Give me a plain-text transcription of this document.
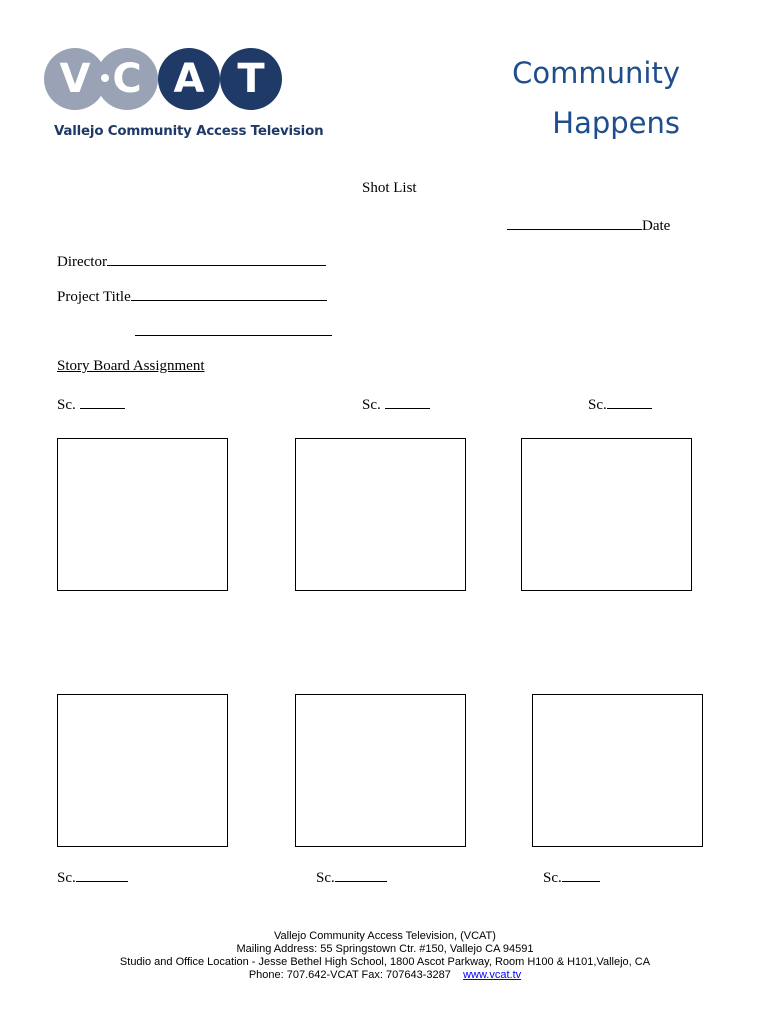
V C A T
Vallejo Community Access Television
Community
Happens
Shot List
Date
Director
Project Title
Story Board Assignment
Sc.	Sc.	Sc.
Sc.	Sc.	Sc.
Vallejo Community Access Television, (VCAT)
Mailing Address: 55 Springstown Ctr. #150, Vallejo CA 94591
Studio and Office Location - Jesse Bethel High School, 1800 Ascot Parkway, Room H100 & H101,Vallejo, CA
Phone: 707.642-VCAT Fax: 707643-3287 www.vcat.tv
